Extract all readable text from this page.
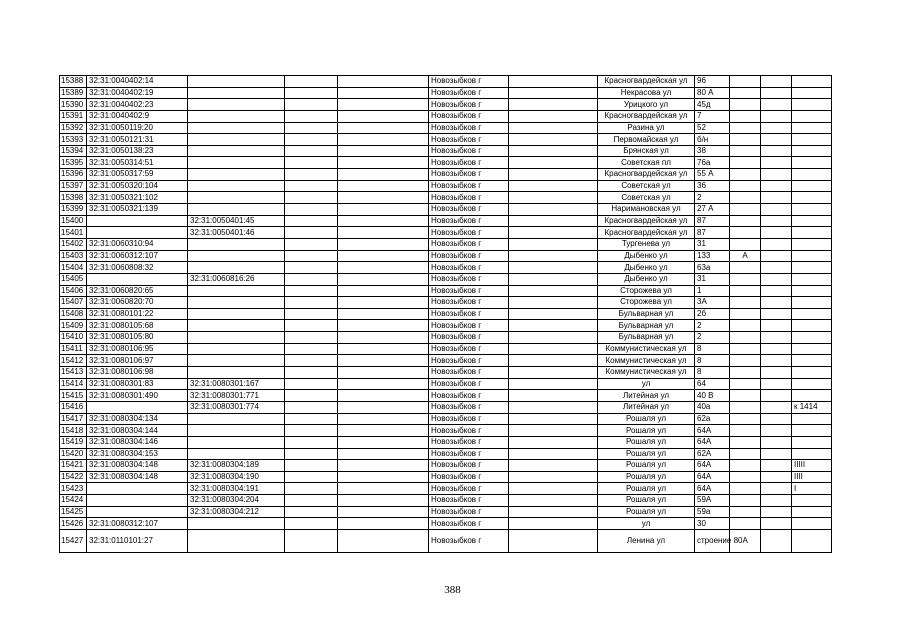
15388	32:31:0040402:14				Новозыбков г		Красногвардейская ул	96			
15389	32:31:0040402:19				Новозыбков г		Некрасова ул	80 А			
15390	32:31:0040402:23				Новозыбков г		Урицкого ул	45д			
15391	32:31:0040402:9				Новозыбков г		Красногвардейская ул	7			
15392	32:31:0050119:20				Новозыбков г		Разина ул	52			
15393	32:31:0050121:31				Новозыбков г		Первомайская ул	б/н			
15394	32:31:0050138:23				Новозыбков г		Брянская ул	38			
15395	32:31:0050314:51				Новозыбков г		Советская пл	76а			
15396	32:31:0050317:59				Новозыбков г		Красногвардейская ул	55 А			
15397	32:31:0050320:104				Новозыбков г		Советская ул	36			
15398	32:31:0050321:102				Новозыбков г		Советская ул	2			
15399	32:31:0050321:139				Новозыбков г		Наримановская ул	27 А			
15400		32:31:0050401:45			Новозыбков г		Красногвардейская ул	87			
15401		32:31:0050401:46			Новозыбков г		Красногвардейская ул	87			
15402	32:31:0060310:94				Новозыбков г		Тургенева ул	31			
15403	32:31:0060312:107				Новозыбков г		Дыбенко ул	133	А		
15404	32:31:0060808:32				Новозыбков г		Дыбенко ул	63а			
15405		32:31:0060816:26			Новозыбков г		Дыбенко ул	31			
15406	32:31:0060820:65				Новозыбков г		Сторожева ул	1			
15407	32:31:0060820:70				Новозыбков г		Сторожева ул	3А			
15408	32:31:0080101:22				Новозыбков г		Бульварная ул	2б			
15409	32:31:0080105:68				Новозыбков г		Бульварная ул	2			
15410	32:31:0080105:80				Новозыбков г		Бульварная ул	2			
15411	32:31:0080106:95				Новозыбков г		Коммунистическая ул	8			
15412	32:31:0080106:97				Новозыбков г		Коммунистическая ул	8			
15413	32:31:0080106:98				Новозыбков г		Коммунистическая ул	8			
15414	32:31:0080301:83	32:31:0080301:167			Новозыбков г		ул	64			
15415	32:31:0080301:490	32:31:0080301:771			Новозыбков г		Литейная ул	40 В			
15416		32:31:0080301:774			Новозыбков г		Литейная ул	40а			к 1414
15417	32:31:0080304:134				Новозыбков г		Рошаля ул	62а			
15418	32:31:0080304:144				Новозыбков г		Рошаля ул	64А			
15419	32:31:0080304:146				Новозыбков г		Рошаля ул	64А			
15420	32:31:0080304:153				Новозыбков г		Рошаля ул	62А			
15421	32:31:0080304:148	32:31:0080304:189			Новозыбков г		Рошаля ул	64А			IIIII
15422	32:31:0080304:148	32:31:0080304:190			Новозыбков г		Рошаля ул	64А			IIII
15423		32:31:0080304:191			Новозыбков г		Рошаля ул	64А			I
15424		32:31:0080304:204			Новозыбков г		Рошаля ул	59А			
15425		32:31:0080304:212			Новозыбков г		Рошаля ул	59а			
15426	32:31:0080312:107				Новозыбков г		ул	30			
15427	32:31:0110101:27				Новозыбков г		Ленина ул	строение 80А			
388
